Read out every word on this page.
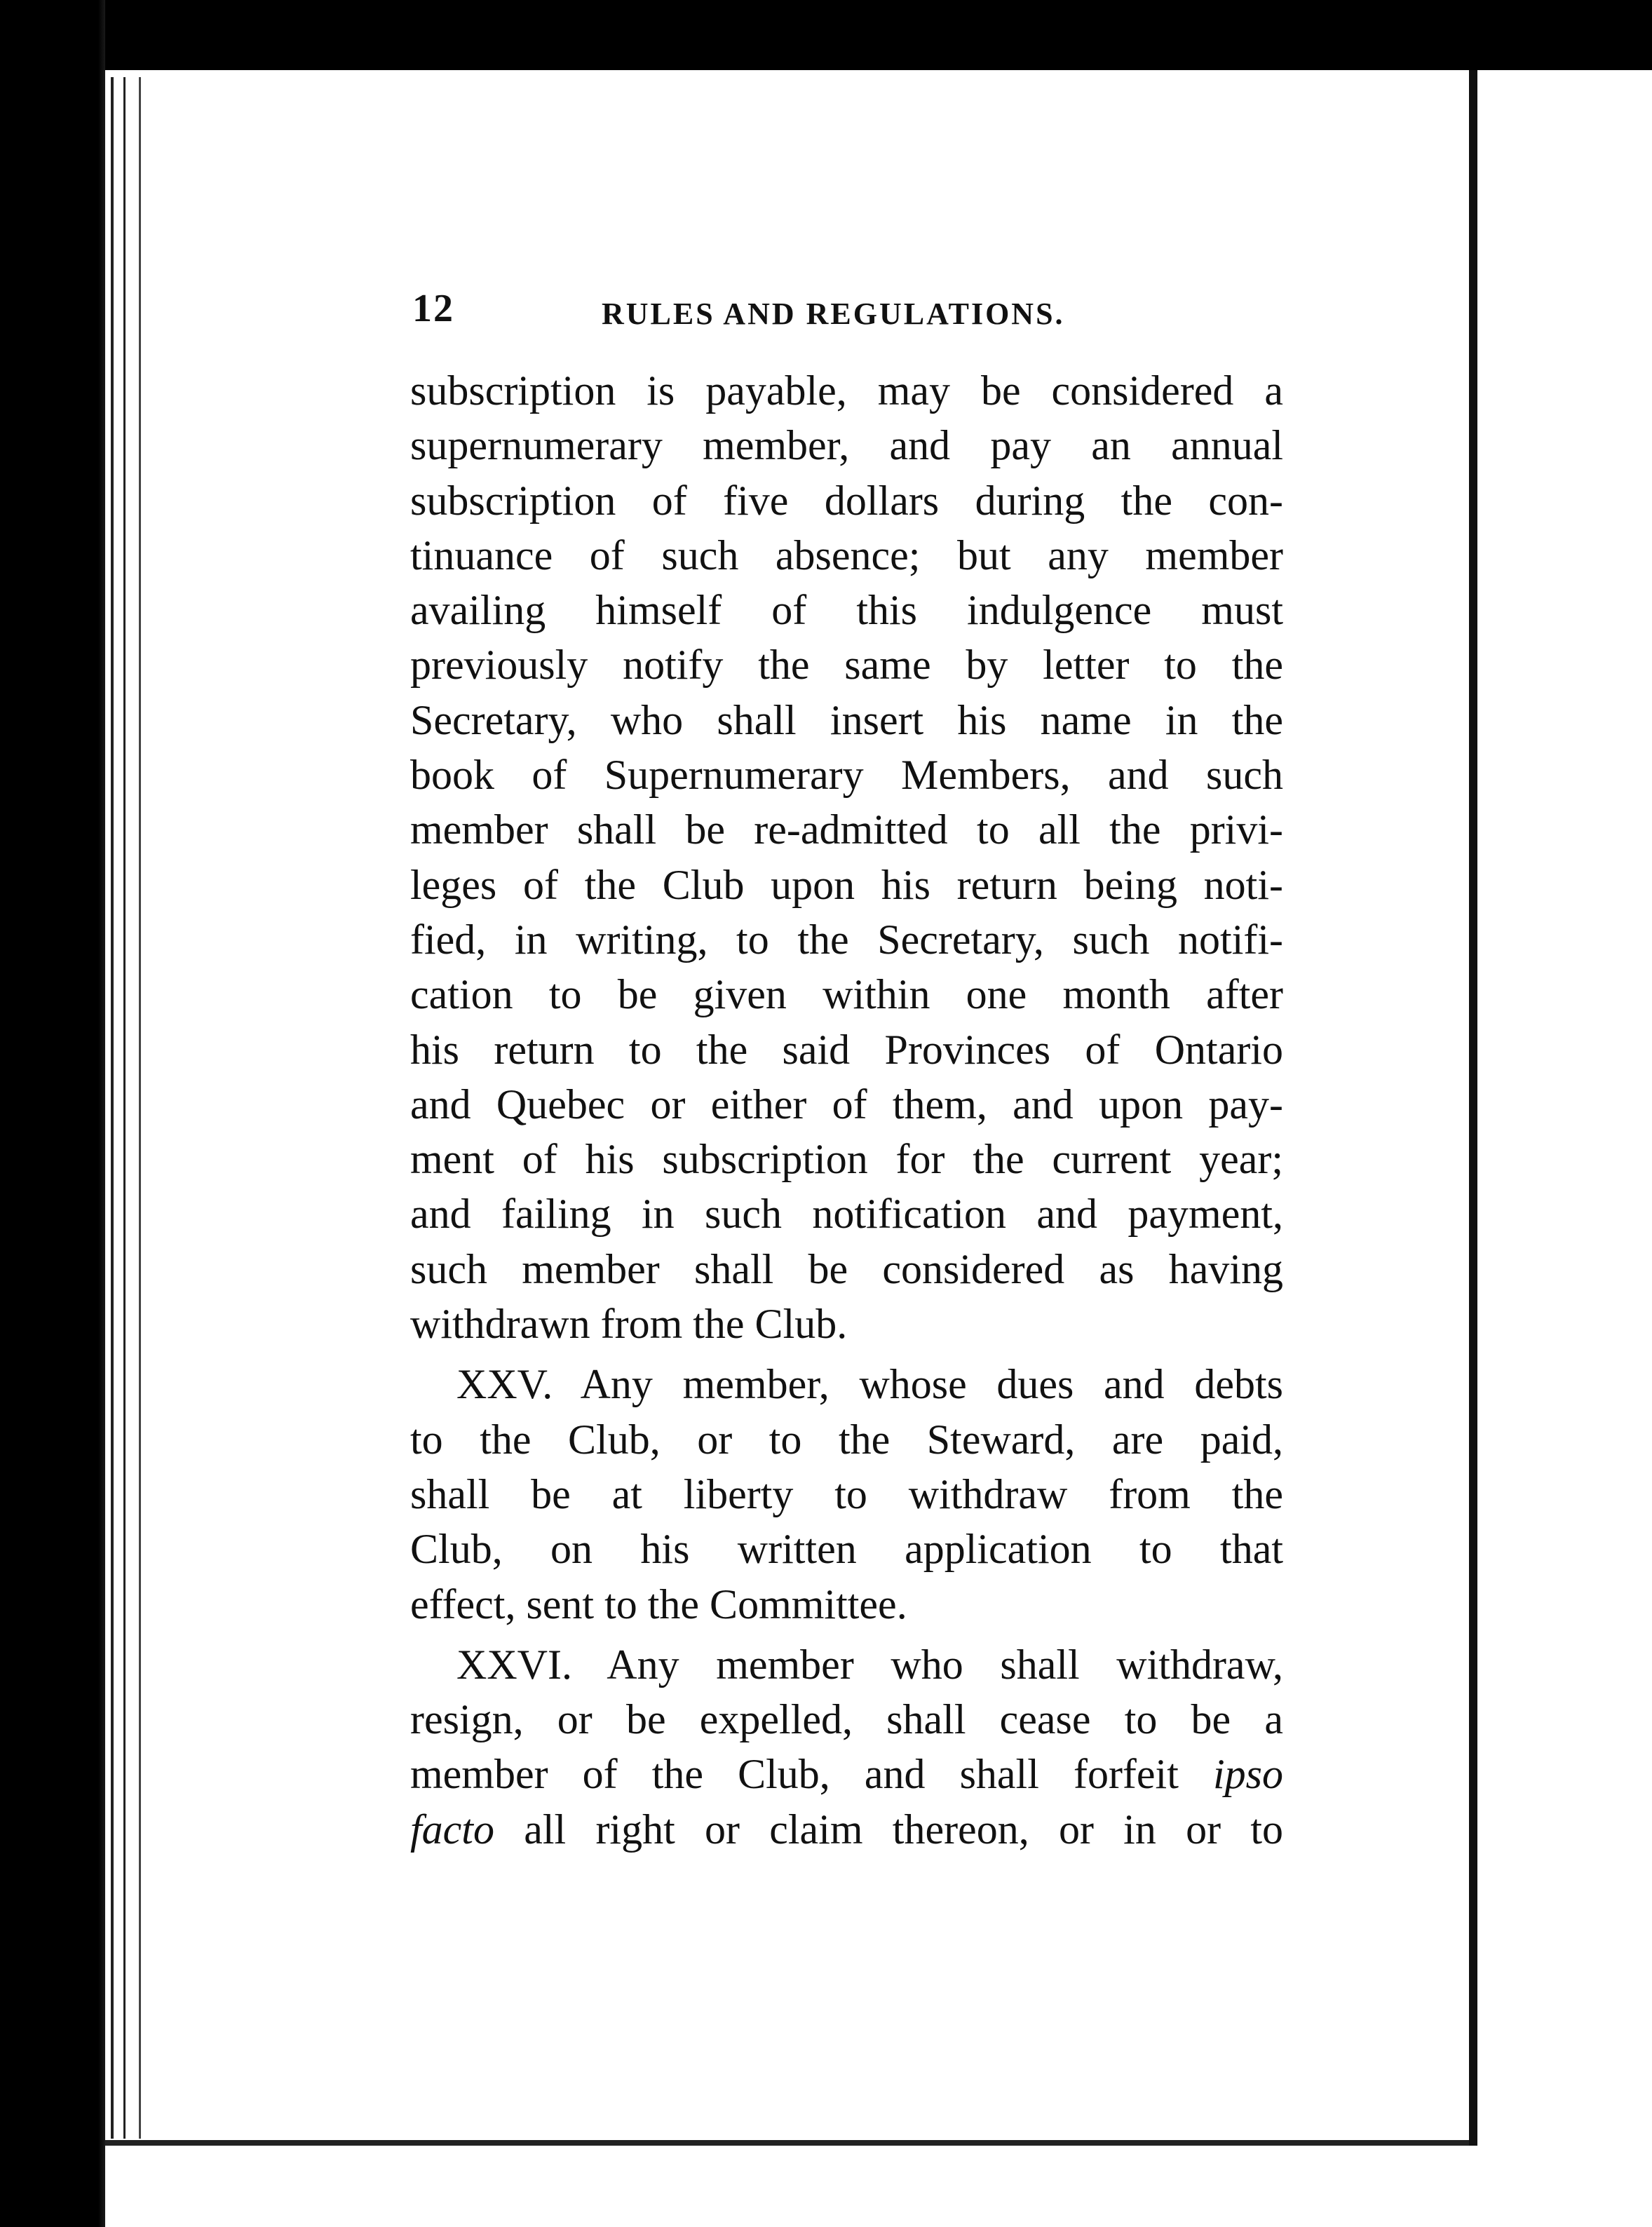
12	RULES AND REGULATIONS.
subscription is payable, may be considered a
supernumerary member, and pay an annual
subscription of five dollars during the con-
tinuance of such absence; but any member
availing himself of this indulgence must
previously notify the same by letter to the
Secretary, who shall insert his name in the
book of Supernumerary Members, and such
member shall be re-admitted to all the privi-
leges of the Club upon his return being noti-
fied, in writing, to the Secretary, such notifi-
cation to be given within one month after
his return to the said Provinces of Ontario
and Quebec or either of them, and upon pay-
ment of his subscription for the current year;
and failing in such notification and payment,
such member shall be considered as having
withdrawn from the Club.
XXV. Any member, whose dues and debts
to the Club, or to the Steward, are paid,
shall be at liberty to withdraw from the
Club, on his written application to that
effect, sent to the Committee.
XXVI. Any member who shall withdraw,
resign, or be expelled, shall cease to be a
member of the Club, and shall forfeit ipso
facto all right or claim thereon, or in or to
